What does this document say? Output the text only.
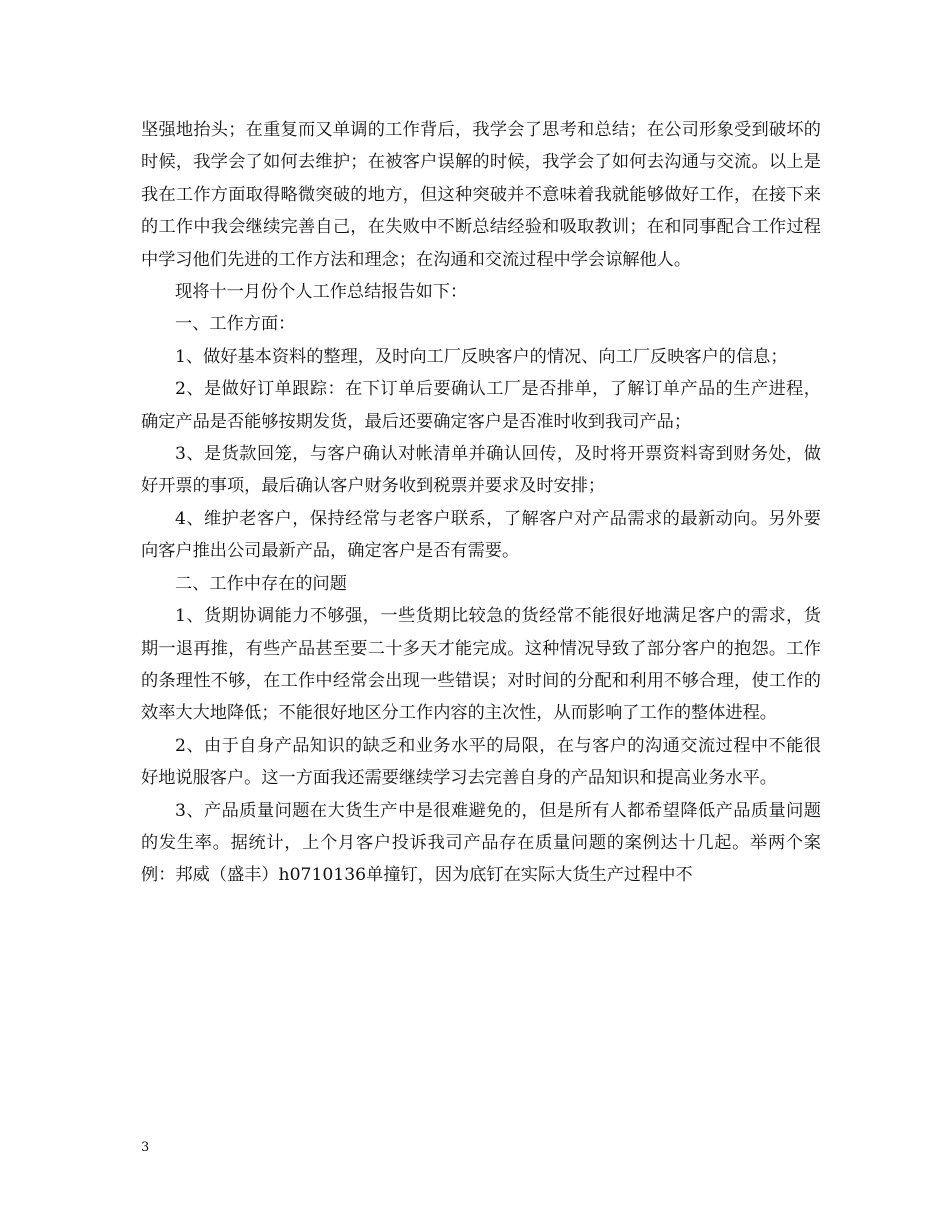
坚强地抬头；在重复而又单调的工作背后，我学会了思考和总结；在公司形象受到破坏的时候，我学会了如何去维护；在被客户误解的时候，我学会了如何去沟通与交流。以上是我在工作方面取得略微突破的地方，但这种突破并不意味着我就能够做好工作，在接下来的工作中我会继续完善自己，在失败中不断总结经验和吸取教训；在和同事配合工作过程中学习他们先进的工作方法和理念；在沟通和交流过程中学会谅解他人。

现将十一月份个人工作总结报告如下：

一、工作方面：

1、做好基本资料的整理，及时向工厂反映客户的情况、向工厂反映客户的信息；

2、是做好订单跟踪：在下订单后要确认工厂是否排单，了解订单产品的生产进程，确定产品是否能够按期发货，最后还要确定客户是否准时收到我司产品；

3、是货款回笼，与客户确认对帐清单并确认回传，及时将开票资料寄到财务处，做好开票的事项，最后确认客户财务收到税票并要求及时安排；

4、维护老客户，保持经常与老客户联系，了解客户对产品需求的最新动向。另外要向客户推出公司最新产品，确定客户是否有需要。

二、工作中存在的问题

1、货期协调能力不够强，一些货期比较急的货经常不能很好地满足客户的需求，货期一退再推，有些产品甚至要二十多天才能完成。这种情况导致了部分客户的抱怨。工作的条理性不够，在工作中经常会出现一些错误；对时间的分配和利用不够合理，使工作的效率大大地降低；不能很好地区分工作内容的主次性，从而影响了工作的整体进程。

2、由于自身产品知识的缺乏和业务水平的局限，在与客户的沟通交流过程中不能很好地说服客户。这一方面我还需要继续学习去完善自身的产品知识和提高业务水平。

3、产品质量问题在大货生产中是很难避免的，但是所有人都希望降低产品质量问题的发生率。据统计，上个月客户投诉我司产品存在质量问题的案例达十几起。举两个案例：邦威（盛丰）h0710136单撞钉，因为底钉在实际大货生产过程中不

3
